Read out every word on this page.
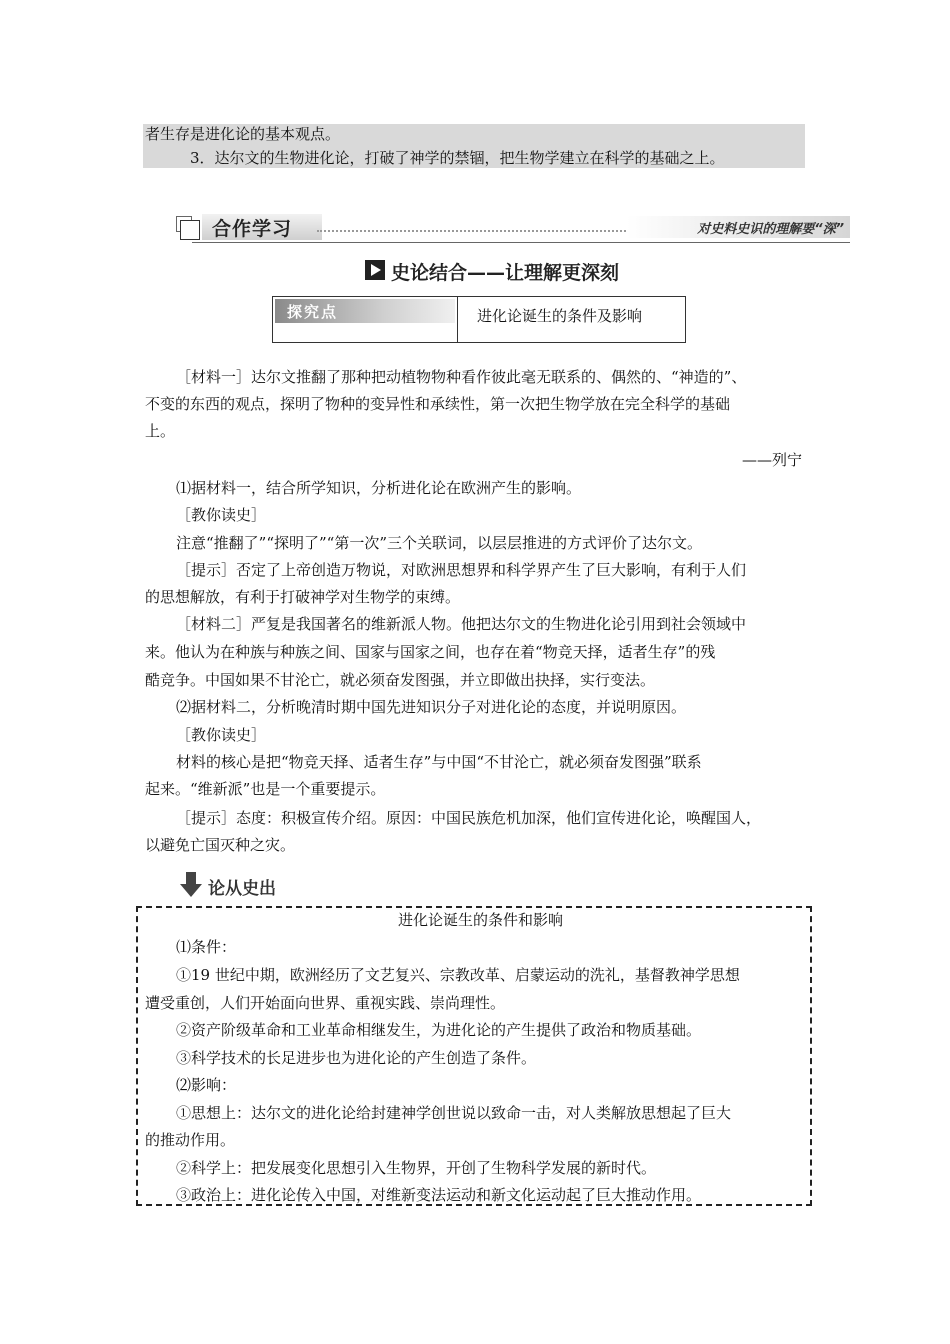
者生存是进化论的基本观点。
3．达尔文的生物进化论，打破了神学的禁锢，把生物学建立在科学的基础之上。
合作学习	对史料史识的理解要“深”
史论结合——让理解更深刻
探究点	进化论诞生的条件及影响
［材料一］达尔文推翻了那种把动植物物种看作彼此毫无联系的、偶然的、“神造的”、
不变的东西的观点，探明了物种的变异性和承续性，第一次把生物学放在完全科学的基础
上。
——列宁
⑴据材料一，结合所学知识，分析进化论在欧洲产生的影响。
［教你读史］
注意“推翻了”“探明了”“第一次”三个关联词，以层层推进的方式评价了达尔文。
［提示］否定了上帝创造万物说，对欧洲思想界和科学界产生了巨大影响，有利于人们
的思想解放，有利于打破神学对生物学的束缚。
［材料二］严复是我国著名的维新派人物。他把达尔文的生物进化论引用到社会领域中
来。他认为在种族与种族之间、国家与国家之间，也存在着“物竞天择，适者生存”的残
酷竞争。中国如果不甘沦亡，就必须奋发图强，并立即做出抉择，实行变法。
⑵据材料二，分析晚清时期中国先进知识分子对进化论的态度，并说明原因。
［教你读史］
材料的核心是把“物竞天择、适者生存”与中国“不甘沦亡，就必须奋发图强”联系
起来。“维新派”也是一个重要提示。
［提示］态度：积极宣传介绍。原因：中国民族危机加深，他们宣传进化论，唤醒国人，
以避免亡国灭种之灾。
论从史出
进化论诞生的条件和影响
⑴条件：
①19 世纪中期，欧洲经历了文艺复兴、宗教改革、启蒙运动的洗礼，基督教神学思想
遭受重创，人们开始面向世界、重视实践、崇尚理性。
②资产阶级革命和工业革命相继发生，为进化论的产生提供了政治和物质基础。
③科学技术的长足进步也为进化论的产生创造了条件。
⑵影响：
①思想上：达尔文的进化论给封建神学创世说以致命一击，对人类解放思想起了巨大
的推动作用。
②科学上：把发展变化思想引入生物界，开创了生物科学发展的新时代。
③政治上：进化论传入中国，对维新变法运动和新文化运动起了巨大推动作用。
